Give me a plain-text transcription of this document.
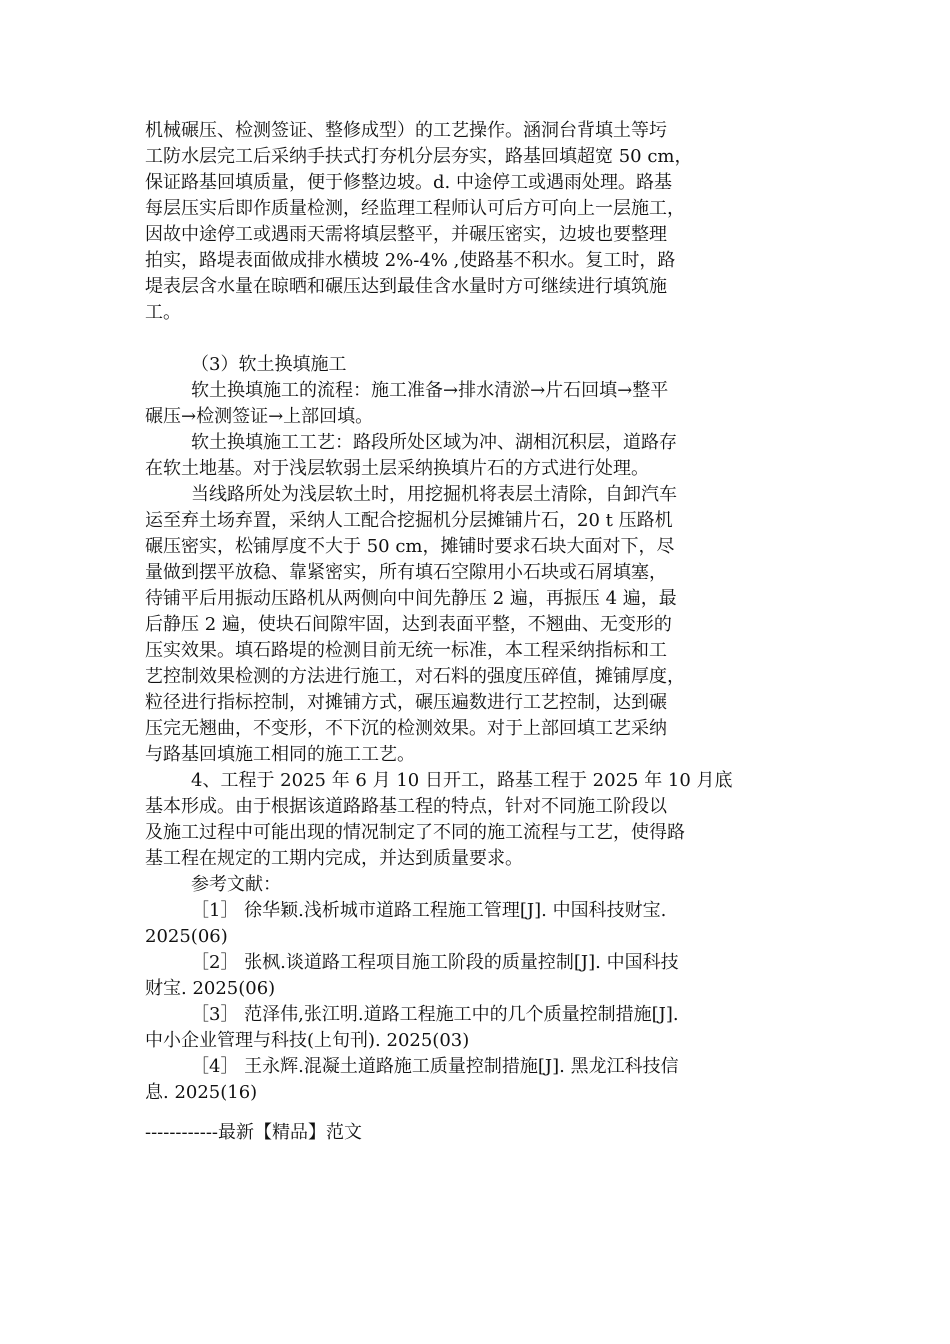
机械碾压、检测签证、整修成型）的工艺操作。涵洞台背填土等圬
工防水层完工后采纳手扶式打夯机分层夯实，路基回填超宽 50 cm，
保证路基回填质量，便于修整边坡。d. 中途停工或遇雨处理。路基
每层压实后即作质量检测，经监理工程师认可后方可向上一层施工，
因故中途停工或遇雨天需将填层整平，并碾压密实，边坡也要整理
拍实，路堤表面做成排水横坡 2%-4% ,使路基不积水。复工时，路
堤表层含水量在晾晒和碾压达到最佳含水量时方可继续进行填筑施
工。
（3）软土换填施工
软土换填施工的流程：施工准备→排水清淤→片石回填→整平
碾压→检测签证→上部回填。
软土换填施工工艺：路段所处区域为冲、湖相沉积层，道路存
在软土地基。对于浅层软弱土层采纳换填片石的方式进行处理。
当线路所处为浅层软土时，用挖掘机将表层土清除，自卸汽车
运至弃土场弃置，采纳人工配合挖掘机分层摊铺片石，20 t 压路机
碾压密实，松铺厚度不大于 50 cm，摊铺时要求石块大面对下，尽
量做到摆平放稳、靠紧密实，所有填石空隙用小石块或石屑填塞，
待铺平后用振动压路机从两侧向中间先静压 2 遍，再振压 4 遍，最
后静压 2 遍，使块石间隙牢固，达到表面平整，不翘曲、无变形的
压实效果。填石路堤的检测目前无统一标准，本工程采纳指标和工
艺控制效果检测的方法进行施工，对石料的强度压碎值，摊铺厚度，
粒径进行指标控制，对摊铺方式，碾压遍数进行工艺控制，达到碾
压完无翘曲，不变形，不下沉的检测效果。对于上部回填工艺采纳
与路基回填施工相同的施工工艺。
4、工程于 2025 年 6 月 10 日开工，路基工程于 2025 年 10 月底
基本形成。由于根据该道路路基工程的特点，针对不同施工阶段以
及施工过程中可能出现的情况制定了不同的施工流程与工艺，使得路
基工程在规定的工期内完成，并达到质量要求。
参考文献：
［1］ 徐华颖.浅析城市道路工程施工管理[J]. 中国科技财宝.
2025(06)
［2］ 张枫.谈道路工程项目施工阶段的质量控制[J]. 中国科技
财宝. 2025(06)
［3］ 范泽伟,张江明.道路工程施工中的几个质量控制措施[J].
中小企业管理与科技(上旬刊). 2025(03)
［4］ 王永辉.混凝土道路施工质量控制措施[J]. 黑龙江科技信
息. 2025(16)
------------最新【精品】范文
